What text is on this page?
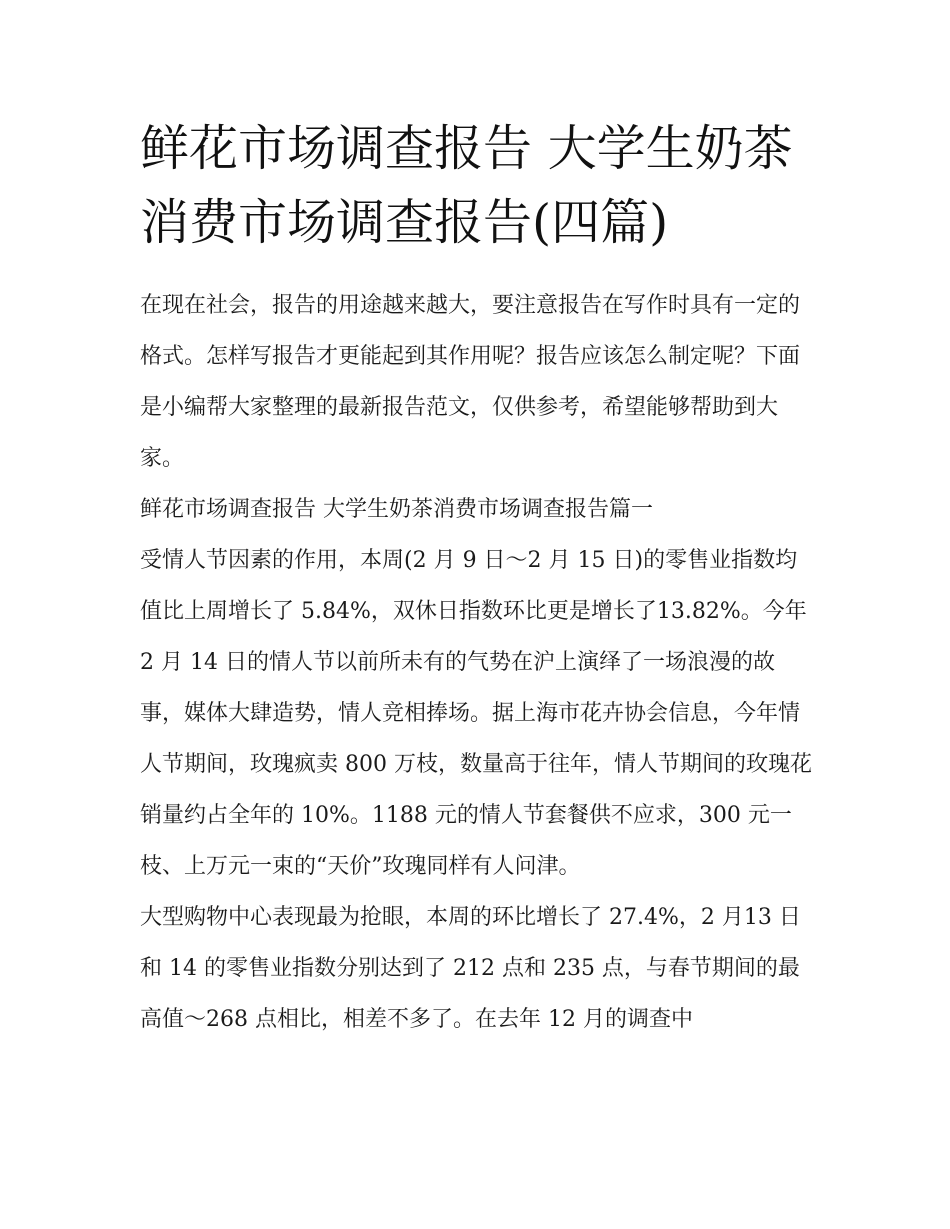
鲜花市场调查报告 大学生奶茶消费市场调查报告(四篇)

在现在社会，报告的用途越来越大，要注意报告在写作时具有一定的格式。怎样写报告才更能起到其作用呢？报告应该怎么制定呢？下面是小编帮大家整理的最新报告范文，仅供参考，希望能够帮助到大家。

鲜花市场调查报告 大学生奶茶消费市场调查报告篇一

受情人节因素的作用，本周(2 月 9 日～2 月 15 日)的零售业指数均值比上周增长了 5.84%，双休日指数环比更是增长了13.82%。今年 2 月 14 日的情人节以前所未有的气势在沪上演绎了一场浪漫的故事，媒体大肆造势，情人竞相捧场。据上海市花卉协会信息，今年情人节期间，玫瑰疯卖 800 万枝，数量高于往年，情人节期间的玫瑰花销量约占全年的 10%。1188 元的情人节套餐供不应求，300 元一枝、上万元一束的“天价”玫瑰同样有人问津。

大型购物中心表现最为抢眼，本周的环比增长了 27.4%，2 月13 日和 14 的零售业指数分别达到了 212 点和 235 点，与春节期间的最高值～268 点相比，相差不多了。在去年 12 月的调查中
